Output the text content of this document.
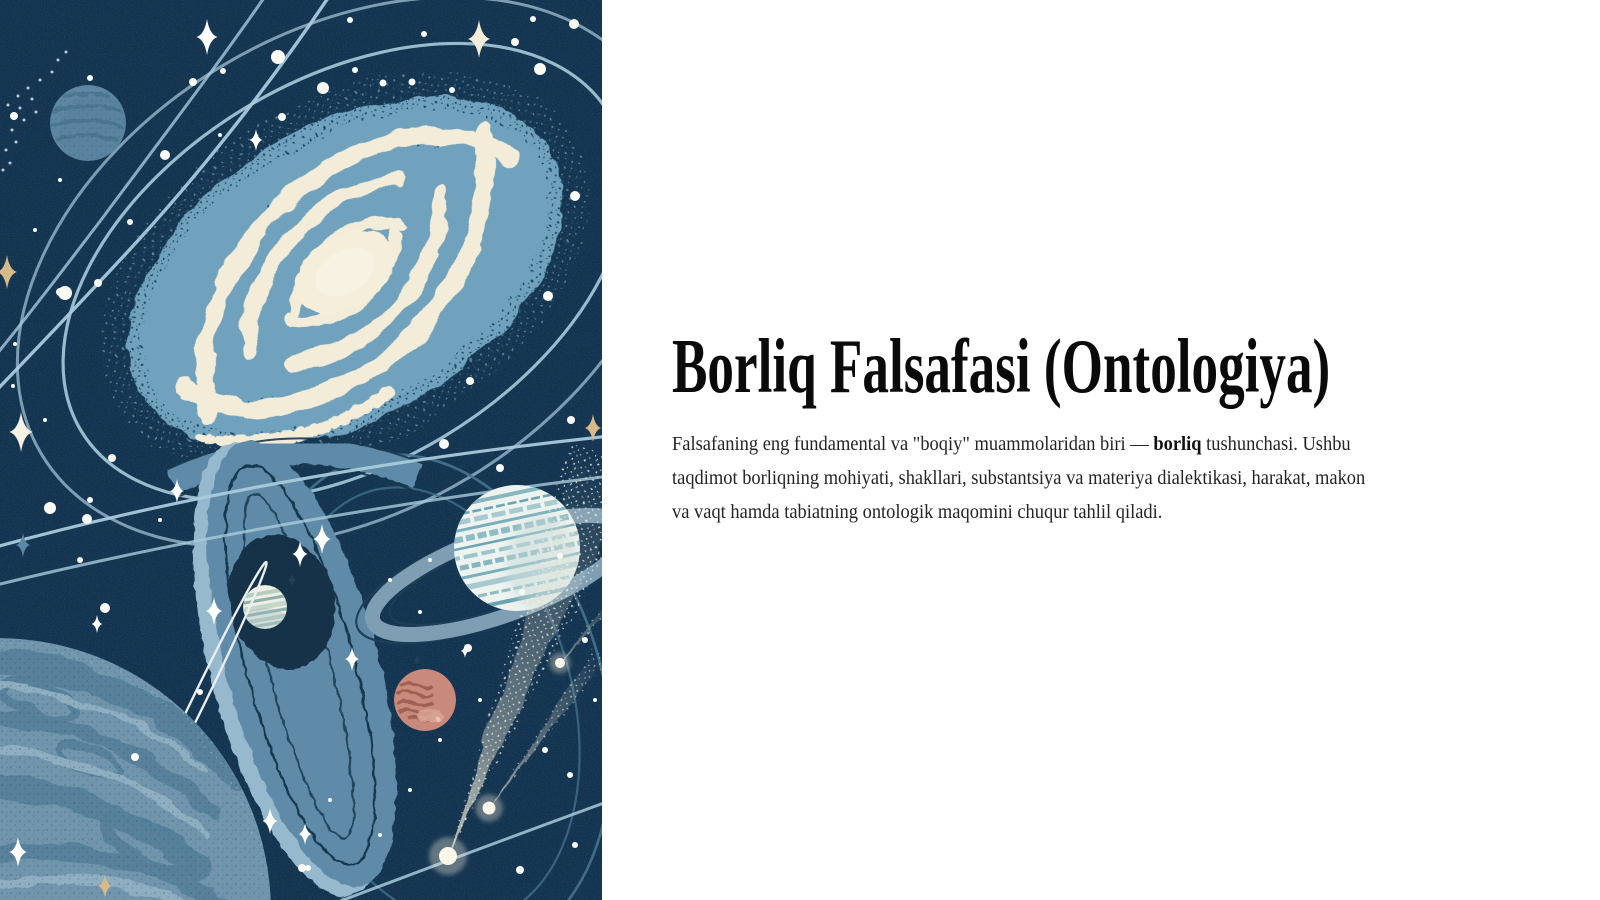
Borliq Falsafasi (Ontologiya)
Falsafaning eng fundamental va "boqiy" muammolaridan biri — borliq tushunchasi. Ushbu
taqdimot borliqning mohiyati, shakllari, substantsiya va materiya dialektikasi, harakat, makon
va vaqt hamda tabiatning ontologik maqomini chuqur tahlil qiladi.
